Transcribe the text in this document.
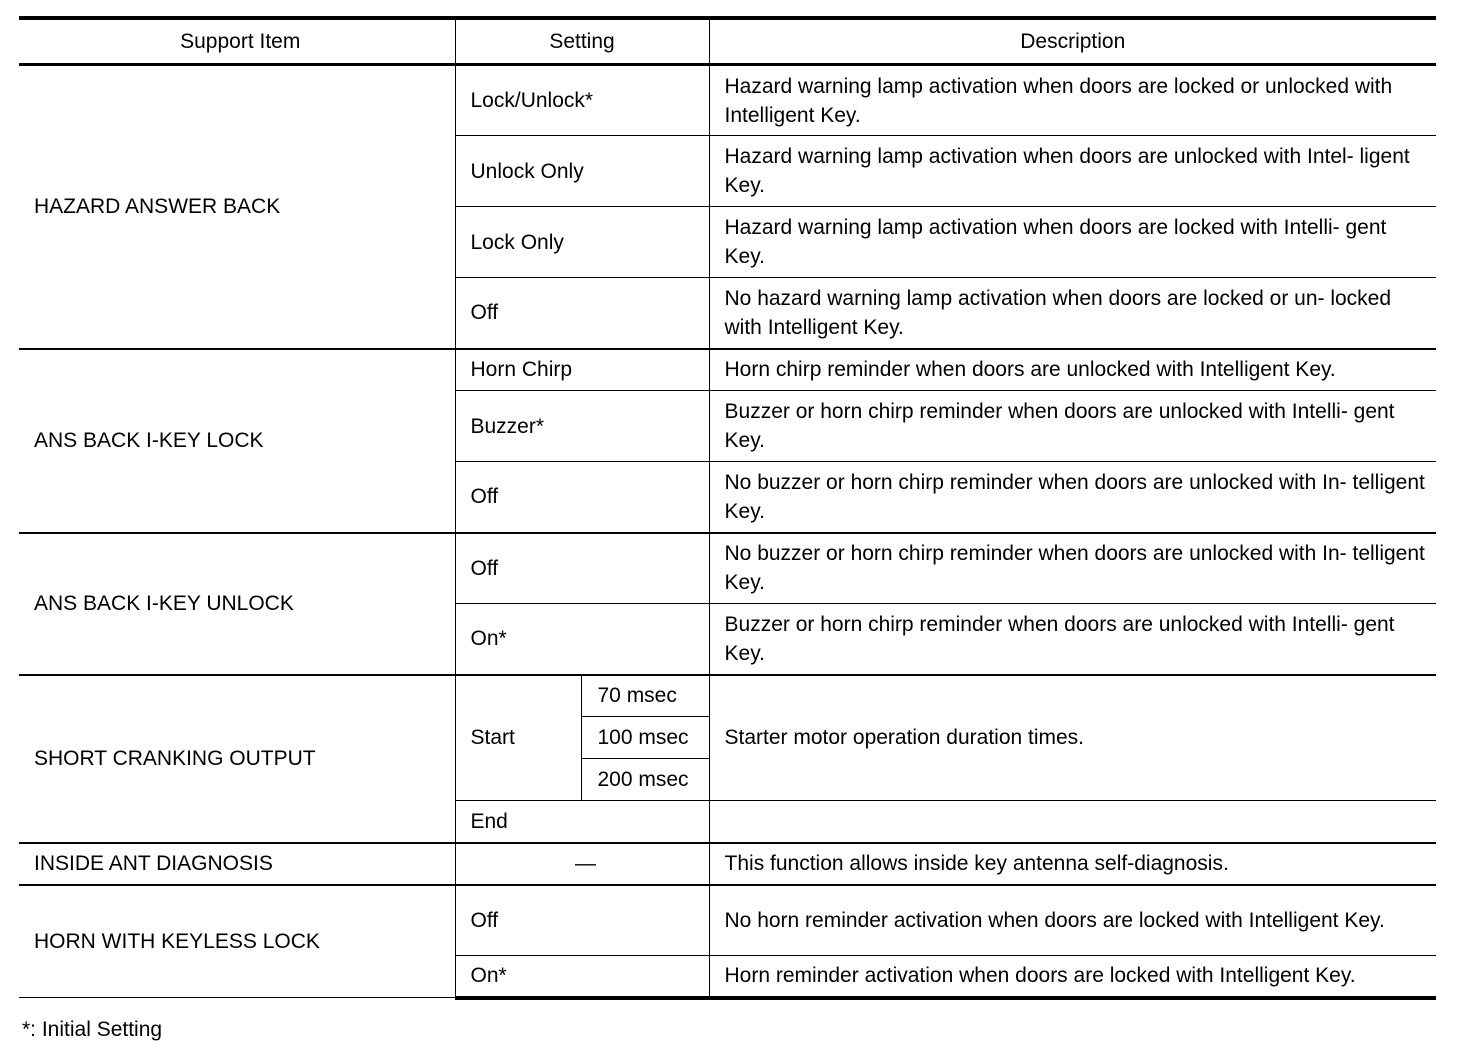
Support Item	Setting		Description
HAZARD ANSWER BACK	Lock/Unlock*		Hazard warning lamp activation when doors are locked or unlocked with Intelligent Key.
	Unlock Only		Hazard warning lamp activation when doors are unlocked with Intel- ligent Key.
	Lock Only		Hazard warning lamp activation when doors are locked with Intelli- gent Key.
	Off		No hazard warning lamp activation when doors are locked or un- locked with Intelligent Key.
ANS BACK I-KEY LOCK	Horn Chirp		Horn chirp reminder when doors are unlocked with Intelligent Key.
	Buzzer*		Buzzer or horn chirp reminder when doors are unlocked with Intelli- gent Key.
	Off		No buzzer or horn chirp reminder when doors are unlocked with In- telligent Key.
ANS BACK I-KEY UNLOCK	Off		No buzzer or horn chirp reminder when doors are unlocked with In- telligent Key.
	On*		Buzzer or horn chirp reminder when doors are unlocked with Intelli- gent Key.
SHORT CRANKING OUTPUT	Start	70 msec	Starter motor operation duration times.
		100 msec	
		200 msec	
	End		
INSIDE ANT DIAGNOSIS	—		This function allows inside key antenna self-diagnosis.
HORN WITH KEYLESS LOCK	Off		No horn reminder activation when doors are locked with Intelligent Key.
	On*		Horn reminder activation when doors are locked with Intelligent Key.
*: Initial Setting
